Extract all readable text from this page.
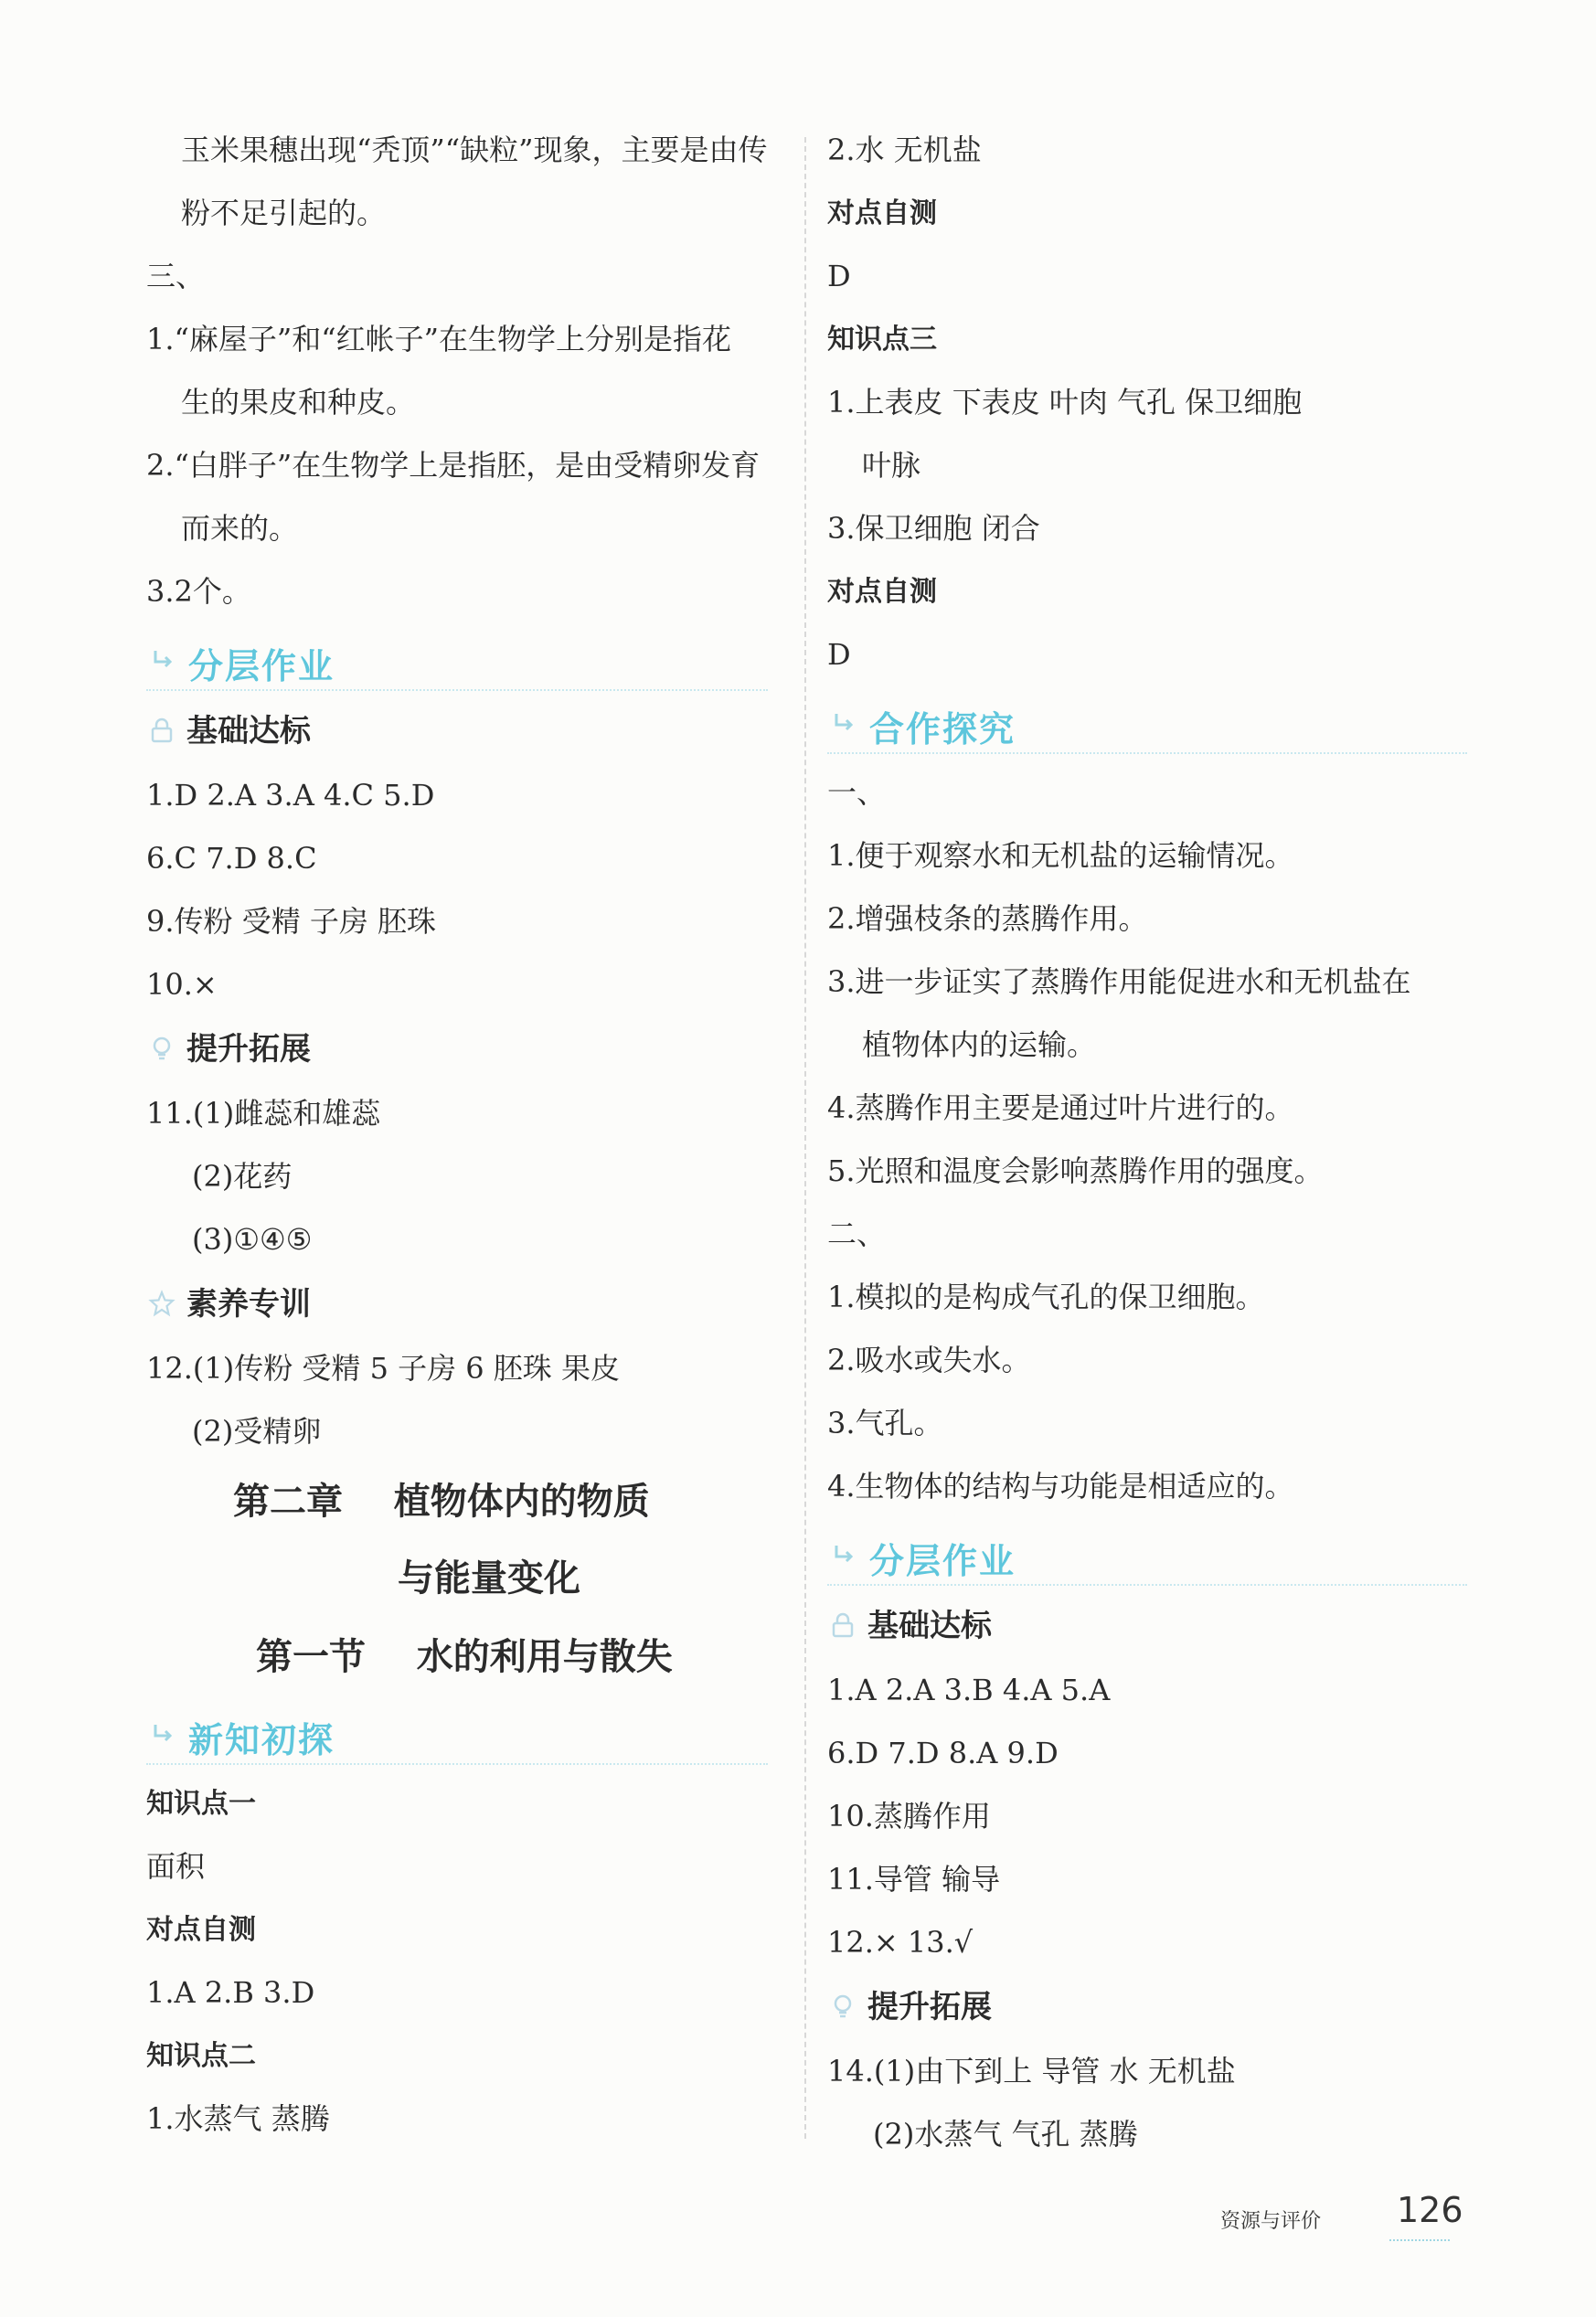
玉米果穗出现“秃顶”“缺粒”现象，主要是由传
粉不足引起的。
三、
1.“麻屋子”和“红帐子”在生物学上分别是指花
生的果皮和种皮。
2.“白胖子”在生物学上是指胚，是由受精卵发育
而来的。
3.2个。
分层作业
基础达标
1.D 2.A 3.A 4.C 5.D
6.C 7.D 8.C
9.传粉 受精 子房 胚珠
10.×
提升拓展
11.(1)雌蕊和雄蕊
(2)花药
(3)①④⑤
素养专训
12.(1)传粉 受精 5 子房 6 胚珠 果皮
(2)受精卵
第二章    植物体内的物质
与能量变化
第一节    水的利用与散失
新知初探
知识点一
面积
对点自测
1.A 2.B 3.D
知识点二
1.水蒸气 蒸腾
2.水 无机盐
对点自测
D
知识点三
1.上表皮 下表皮 叶肉 气孔 保卫细胞
叶脉
3.保卫细胞 闭合
对点自测
D
合作探究
一、
1.便于观察水和无机盐的运输情况。
2.增强枝条的蒸腾作用。
3.进一步证实了蒸腾作用能促进水和无机盐在
植物体内的运输。
4.蒸腾作用主要是通过叶片进行的。
5.光照和温度会影响蒸腾作用的强度。
二、
1.模拟的是构成气孔的保卫细胞。
2.吸水或失水。
3.气孔。
4.生物体的结构与功能是相适应的。
分层作业
基础达标
1.A 2.A 3.B 4.A 5.A
6.D 7.D 8.A 9.D
10.蒸腾作用
11.导管 输导
12.× 13.√
提升拓展
14.(1)由下到上 导管 水 无机盐
(2)水蒸气 气孔 蒸腾
资源与评价 126
